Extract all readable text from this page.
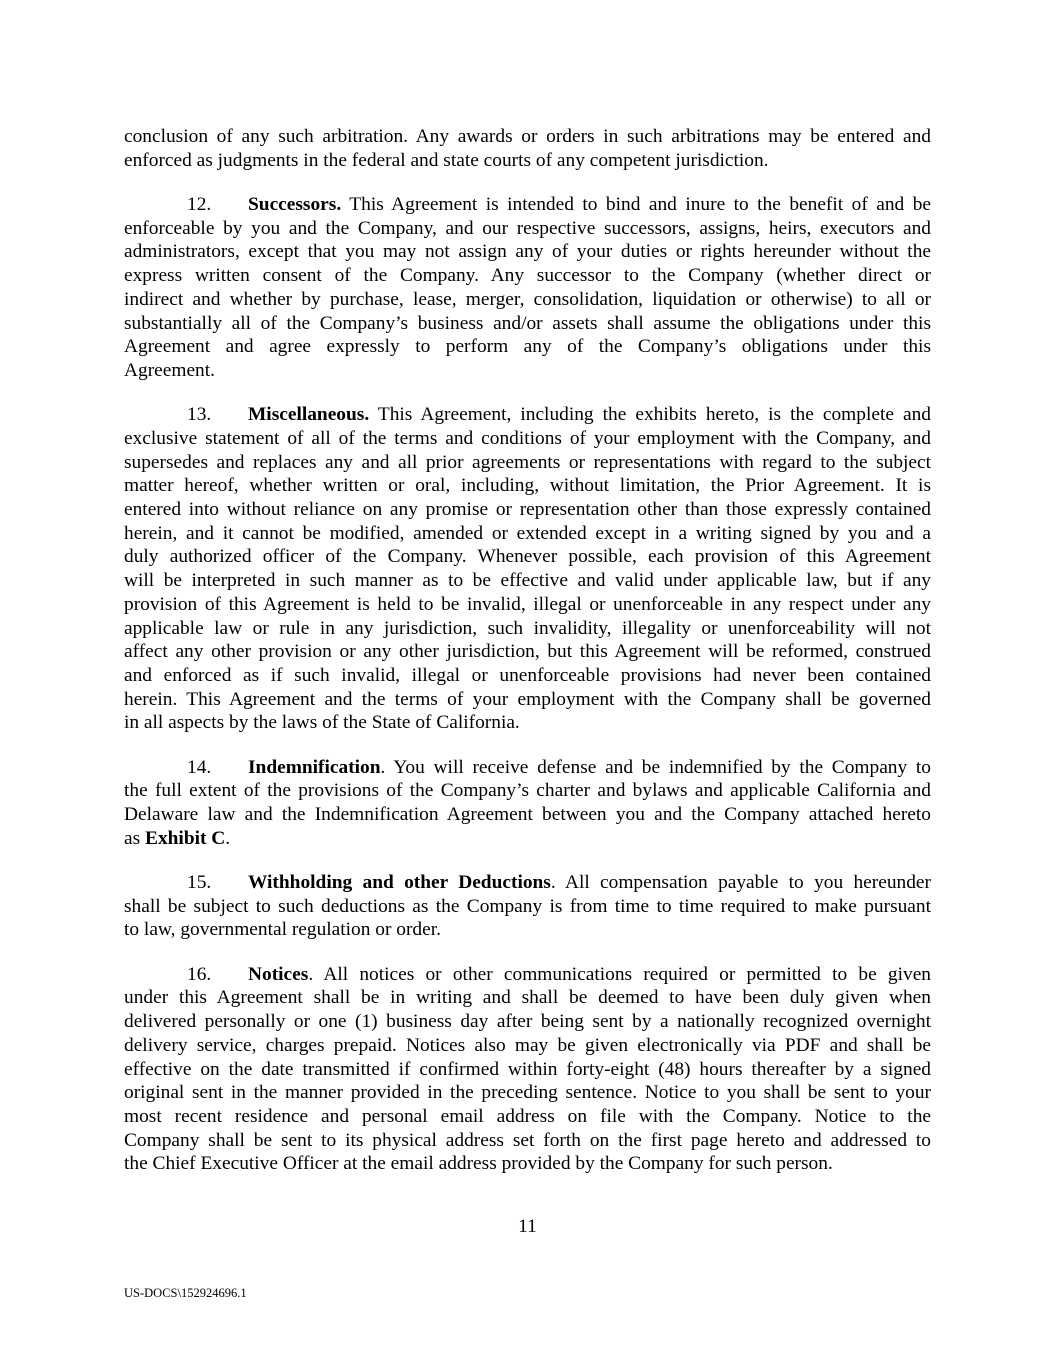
conclusion of any such arbitration. Any awards or orders in such arbitrations may be entered and
enforced as judgments in the federal and state courts of any competent jurisdiction.
12. Successors. This Agreement is intended to bind and inure to the benefit of and be
enforceable by you and the Company, and our respective successors, assigns, heirs, executors and
administrators, except that you may not assign any of your duties or rights hereunder without the
express written consent of the Company. Any successor to the Company (whether direct or
indirect and whether by purchase, lease, merger, consolidation, liquidation or otherwise) to all or
substantially all of the Company’s business and/or assets shall assume the obligations under this
Agreement and agree expressly to perform any of the Company’s obligations under this
Agreement.
13. Miscellaneous. This Agreement, including the exhibits hereto, is the complete and
exclusive statement of all of the terms and conditions of your employment with the Company, and
supersedes and replaces any and all prior agreements or representations with regard to the subject
matter hereof, whether written or oral, including, without limitation, the Prior Agreement. It is
entered into without reliance on any promise or representation other than those expressly contained
herein, and it cannot be modified, amended or extended except in a writing signed by you and a
duly authorized officer of the Company. Whenever possible, each provision of this Agreement
will be interpreted in such manner as to be effective and valid under applicable law, but if any
provision of this Agreement is held to be invalid, illegal or unenforceable in any respect under any
applicable law or rule in any jurisdiction, such invalidity, illegality or unenforceability will not
affect any other provision or any other jurisdiction, but this Agreement will be reformed, construed
and enforced as if such invalid, illegal or unenforceable provisions had never been contained
herein. This Agreement and the terms of your employment with the Company shall be governed
in all aspects by the laws of the State of California.
14. Indemnification. You will receive defense and be indemnified by the Company to
the full extent of the provisions of the Company’s charter and bylaws and applicable California and
Delaware law and the Indemnification Agreement between you and the Company attached hereto
as Exhibit C.
15. Withholding and other Deductions. All compensation payable to you hereunder
shall be subject to such deductions as the Company is from time to time required to make pursuant
to law, governmental regulation or order.
16. Notices. All notices or other communications required or permitted to be given
under this Agreement shall be in writing and shall be deemed to have been duly given when
delivered personally or one (1) business day after being sent by a nationally recognized overnight
delivery service, charges prepaid. Notices also may be given electronically via PDF and shall be
effective on the date transmitted if confirmed within forty-eight (48) hours thereafter by a signed
original sent in the manner provided in the preceding sentence. Notice to you shall be sent to your
most recent residence and personal email address on file with the Company. Notice to the
Company shall be sent to its physical address set forth on the first page hereto and addressed to
the Chief Executive Officer at the email address provided by the Company for such person.
11
US-DOCS\152924696.1
